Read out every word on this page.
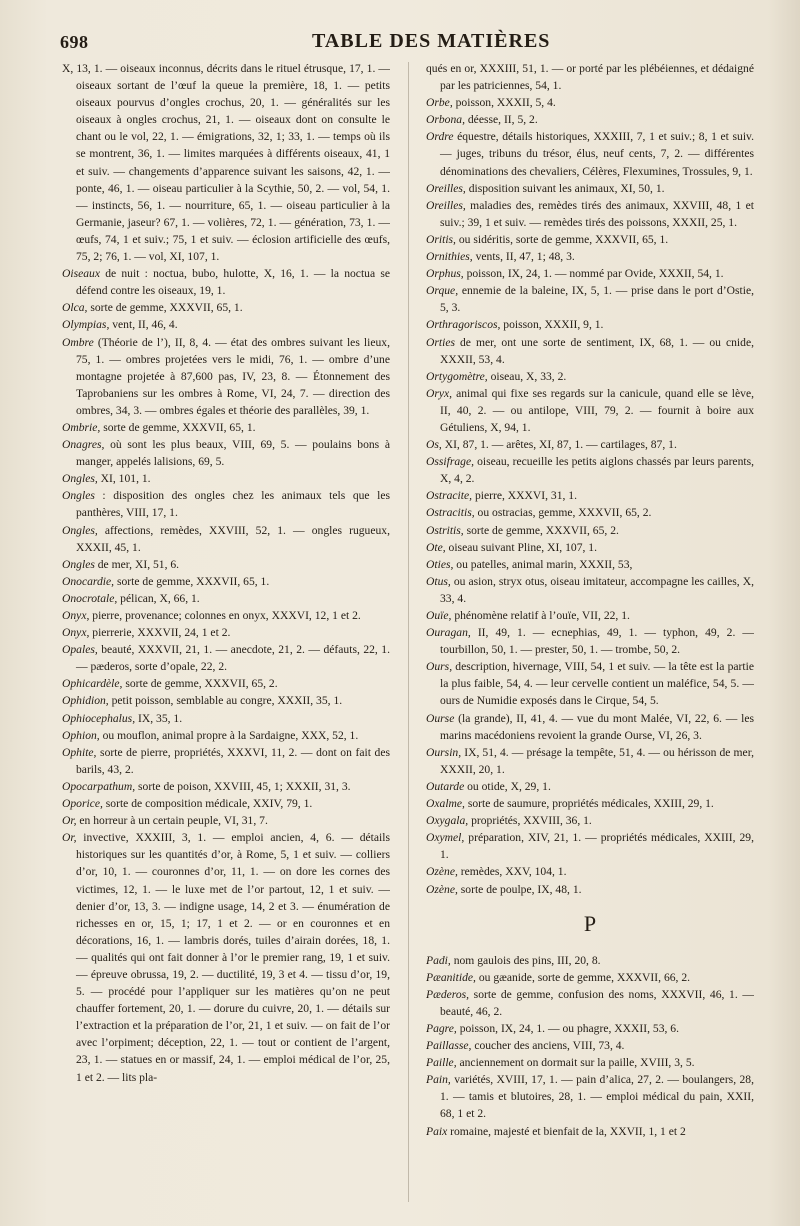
698	TABLE DES MATIÈRES

X, 13, 1. — oiseaux inconnus, décrits dans le rituel étrusque, 17, 1. — oiseaux sortant de l’œuf la queue la première, 18, 1. — petits oiseaux pourvus d’ongles crochus, 20, 1. — généralités sur les oiseaux à ongles crochus, 21, 1. — oiseaux dont on consulte le chant ou le vol, 22, 1. — émigrations, 32, 1; 33, 1. — temps où ils se montrent, 36, 1. — limites marquées à différents oiseaux, 41, 1 et suiv. — changements d’apparence suivant les saisons, 42, 1. — ponte, 46, 1. — oiseau particulier à la Scythie, 50, 2. — vol, 54, 1. — instincts, 56, 1. — nourriture, 65, 1. — oiseau particulier à la Germanie, jaseur? 67, 1. — volières, 72, 1. — génération, 73, 1. — œufs, 74, 1 et suiv.; 75, 1 et suiv. — éclosion artificielle des œufs, 75, 2; 76, 1. — vol, XI, 107, 1.

Oiseaux de nuit : noctua, bubo, hulotte, X, 16, 1. — la noctua se défend contre les oiseaux, 19, 1.

Olca, sorte de gemme, XXXVII, 65, 1.

Olympias, vent, II, 46, 4.

Ombre (Théorie de l’), II, 8, 4. — état des ombres suivant les lieux, 75, 1. — ombres projetées vers le midi, 76, 1. — ombre d’une montagne projetée à 87,600 pas, IV, 23, 8. — Étonnement des Taprobaniens sur les ombres à Rome, VI, 24, 7. — direction des ombres, 34, 3. — ombres égales et théorie des parallèles, 39, 1.

Ombrie, sorte de gemme, XXXVII, 65, 1.

Onagres, où sont les plus beaux, VIII, 69, 5. — poulains bons à manger, appelés lalisions, 69, 5.

Ongles, XI, 101, 1.

Ongles : disposition des ongles chez les animaux tels que les panthères, VIII, 17, 1.

Ongles, affections, remèdes, XXVIII, 52, 1. — ongles rugueux, XXXII, 45, 1.

Ongles de mer, XI, 51, 6.

Onocardie, sorte de gemme, XXXVII, 65, 1.

Onocrotale, pélican, X, 66, 1.

Onyx, pierre, provenance; colonnes en onyx, XXXVI, 12, 1 et 2.

Onyx, pierrerie, XXXVII, 24, 1 et 2.

Opales, beauté, XXXVII, 21, 1. — anecdote, 21, 2. — défauts, 22, 1. — pæderos, sorte d’opale, 22, 2.

Ophicardèle, sorte de gemme, XXXVII, 65, 2.

Ophidion, petit poisson, semblable au congre, XXXII, 35, 1.

Ophiocephalus, IX, 35, 1.

Ophion, ou mouflon, animal propre à la Sardaigne, XXX, 52, 1.

Ophite, sorte de pierre, propriétés, XXXVI, 11, 2. — dont on fait des barils, 43, 2.

Opocarpathum, sorte de poison, XXVIII, 45, 1; XXXII, 31, 3.

Oporice, sorte de composition médicale, XXIV, 79, 1.

Or, en horreur à un certain peuple, VI, 31, 7.

Or, invective, XXXIII, 3, 1. — emploi ancien, 4, 6. — détails historiques sur les quantités d’or, à Rome, 5, 1 et suiv. — colliers d’or, 10, 1. — couronnes d’or, 11, 1. — on dore les cornes des victimes, 12, 1. — le luxe met de l’or partout, 12, 1 et suiv. — denier d’or, 13, 3. — indigne usage, 14, 2 et 3. — énumération de richesses en or, 15, 1; 17, 1 et 2. — or en couronnes et en décorations, 16, 1. — lambris dorés, tuiles d’airain dorées, 18, 1. — qualités qui ont fait donner à l’or le premier rang, 19, 1 et suiv. — épreuve obrussa, 19, 2. — ductilité, 19, 3 et 4. — tissu d’or, 19, 5. — procédé pour l’appliquer sur les matières qu’on ne peut chauffer fortement, 20, 1. — dorure du cuivre, 20, 1. — détails sur l’extraction et la préparation de l’or, 21, 1 et suiv. — on fait de l’or avec l’orpiment; déception, 22, 1. — tout or contient de l’argent, 23, 1. — statues en or massif, 24, 1. — emploi médical de l’or, 25, 1 et 2. — lits pla-

qués en or, XXXIII, 51, 1. — or porté par les plébéiennes, et dédaigné par les patriciennes, 54, 1.

Orbe, poisson, XXXII, 5, 4.

Orbona, déesse, II, 5, 2.

Ordre équestre, détails historiques, XXXIII, 7, 1 et suiv.; 8, 1 et suiv. — juges, tribuns du trésor, élus, neuf cents, 7, 2. — différentes dénominations des chevaliers, Célères, Flexumines, Trossules, 9, 1.

Oreilles, disposition suivant les animaux, XI, 50, 1.

Oreilles, maladies des, remèdes tirés des animaux, XXVIII, 48, 1 et suiv.; 39, 1 et suiv. — remèdes tirés des poissons, XXXII, 25, 1.

Oritis, ou sidéritis, sorte de gemme, XXXVII, 65, 1.

Ornithies, vents, II, 47, 1; 48, 3.

Orphus, poisson, IX, 24, 1. — nommé par Ovide, XXXII, 54, 1.

Orque, ennemie de la baleine, IX, 5, 1. — prise dans le port d’Ostie, 5, 3.

Orthragoriscos, poisson, XXXII, 9, 1.

Orties de mer, ont une sorte de sentiment, IX, 68, 1. — ou cnide, XXXII, 53, 4.

Ortygomètre, oiseau, X, 33, 2.

Oryx, animal qui fixe ses regards sur la canicule, quand elle se lève, II, 40, 2. — ou antilope, VIII, 79, 2. — fournit à boire aux Gétuliens, X, 94, 1.

Os, XI, 87, 1. — arêtes, XI, 87, 1. — cartilages, 87, 1.

Ossifrage, oiseau, recueille les petits aiglons chassés par leurs parents, X, 4, 2.

Ostracite, pierre, XXXVI, 31, 1.

Ostracitis, ou ostracias, gemme, XXXVII, 65, 2.

Ostritis, sorte de gemme, XXXVII, 65, 2.

Ote, oiseau suivant Pline, XI, 107, 1.

Oties, ou patelles, animal marin, XXXII, 53,

Otus, ou asion, stryx otus, oiseau imitateur, accompagne les cailles, X, 33, 4.

Ouïe, phénomène relatif à l’ouïe, VII, 22, 1.

Ouragan, II, 49, 1. — ecnephias, 49, 1. — typhon, 49, 2. — tourbillon, 50, 1. — prester, 50, 1. — trombe, 50, 2.

Ours, description, hivernage, VIII, 54, 1 et suiv. — la tête est la partie la plus faible, 54, 4. — leur cervelle contient un maléfice, 54, 5. — ours de Numidie exposés dans le Cirque, 54, 5.

Ourse (la grande), II, 41, 4. — vue du mont Malée, VI, 22, 6. — les marins macédoniens revoient la grande Ourse, VI, 26, 3.

Oursin, IX, 51, 4. — présage la tempête, 51, 4. — ou hérisson de mer, XXXII, 20, 1.

Outarde ou otide, X, 29, 1.

Oxalme, sorte de saumure, propriétés médicales, XXIII, 29, 1.

Oxygala, propriétés, XXVIII, 36, 1.

Oxymel, préparation, XIV, 21, 1. — propriétés médicales, XXIII, 29, 1.

Ozène, remèdes, XXV, 104, 1.

Ozène, sorte de poulpe, IX, 48, 1.

P

Padi, nom gaulois des pins, III, 20, 8.

Pæanitide, ou gæanide, sorte de gemme, XXXVII, 66, 2.

Pæderos, sorte de gemme, confusion des noms, XXXVII, 46, 1. — beauté, 46, 2.

Pagre, poisson, IX, 24, 1. — ou phagre, XXXII, 53, 6.

Paillasse, coucher des anciens, VIII, 73, 4.

Paille, anciennement on dormait sur la paille, XVIII, 3, 5.

Pain, variétés, XVIII, 17, 1. — pain d’alica, 27, 2. — boulangers, 28, 1. — tamis et blutoires, 28, 1. — emploi médical du pain, XXII, 68, 1 et 2.

Paix romaine, majesté et bienfait de la, XXVII, 1, 1 et 2
